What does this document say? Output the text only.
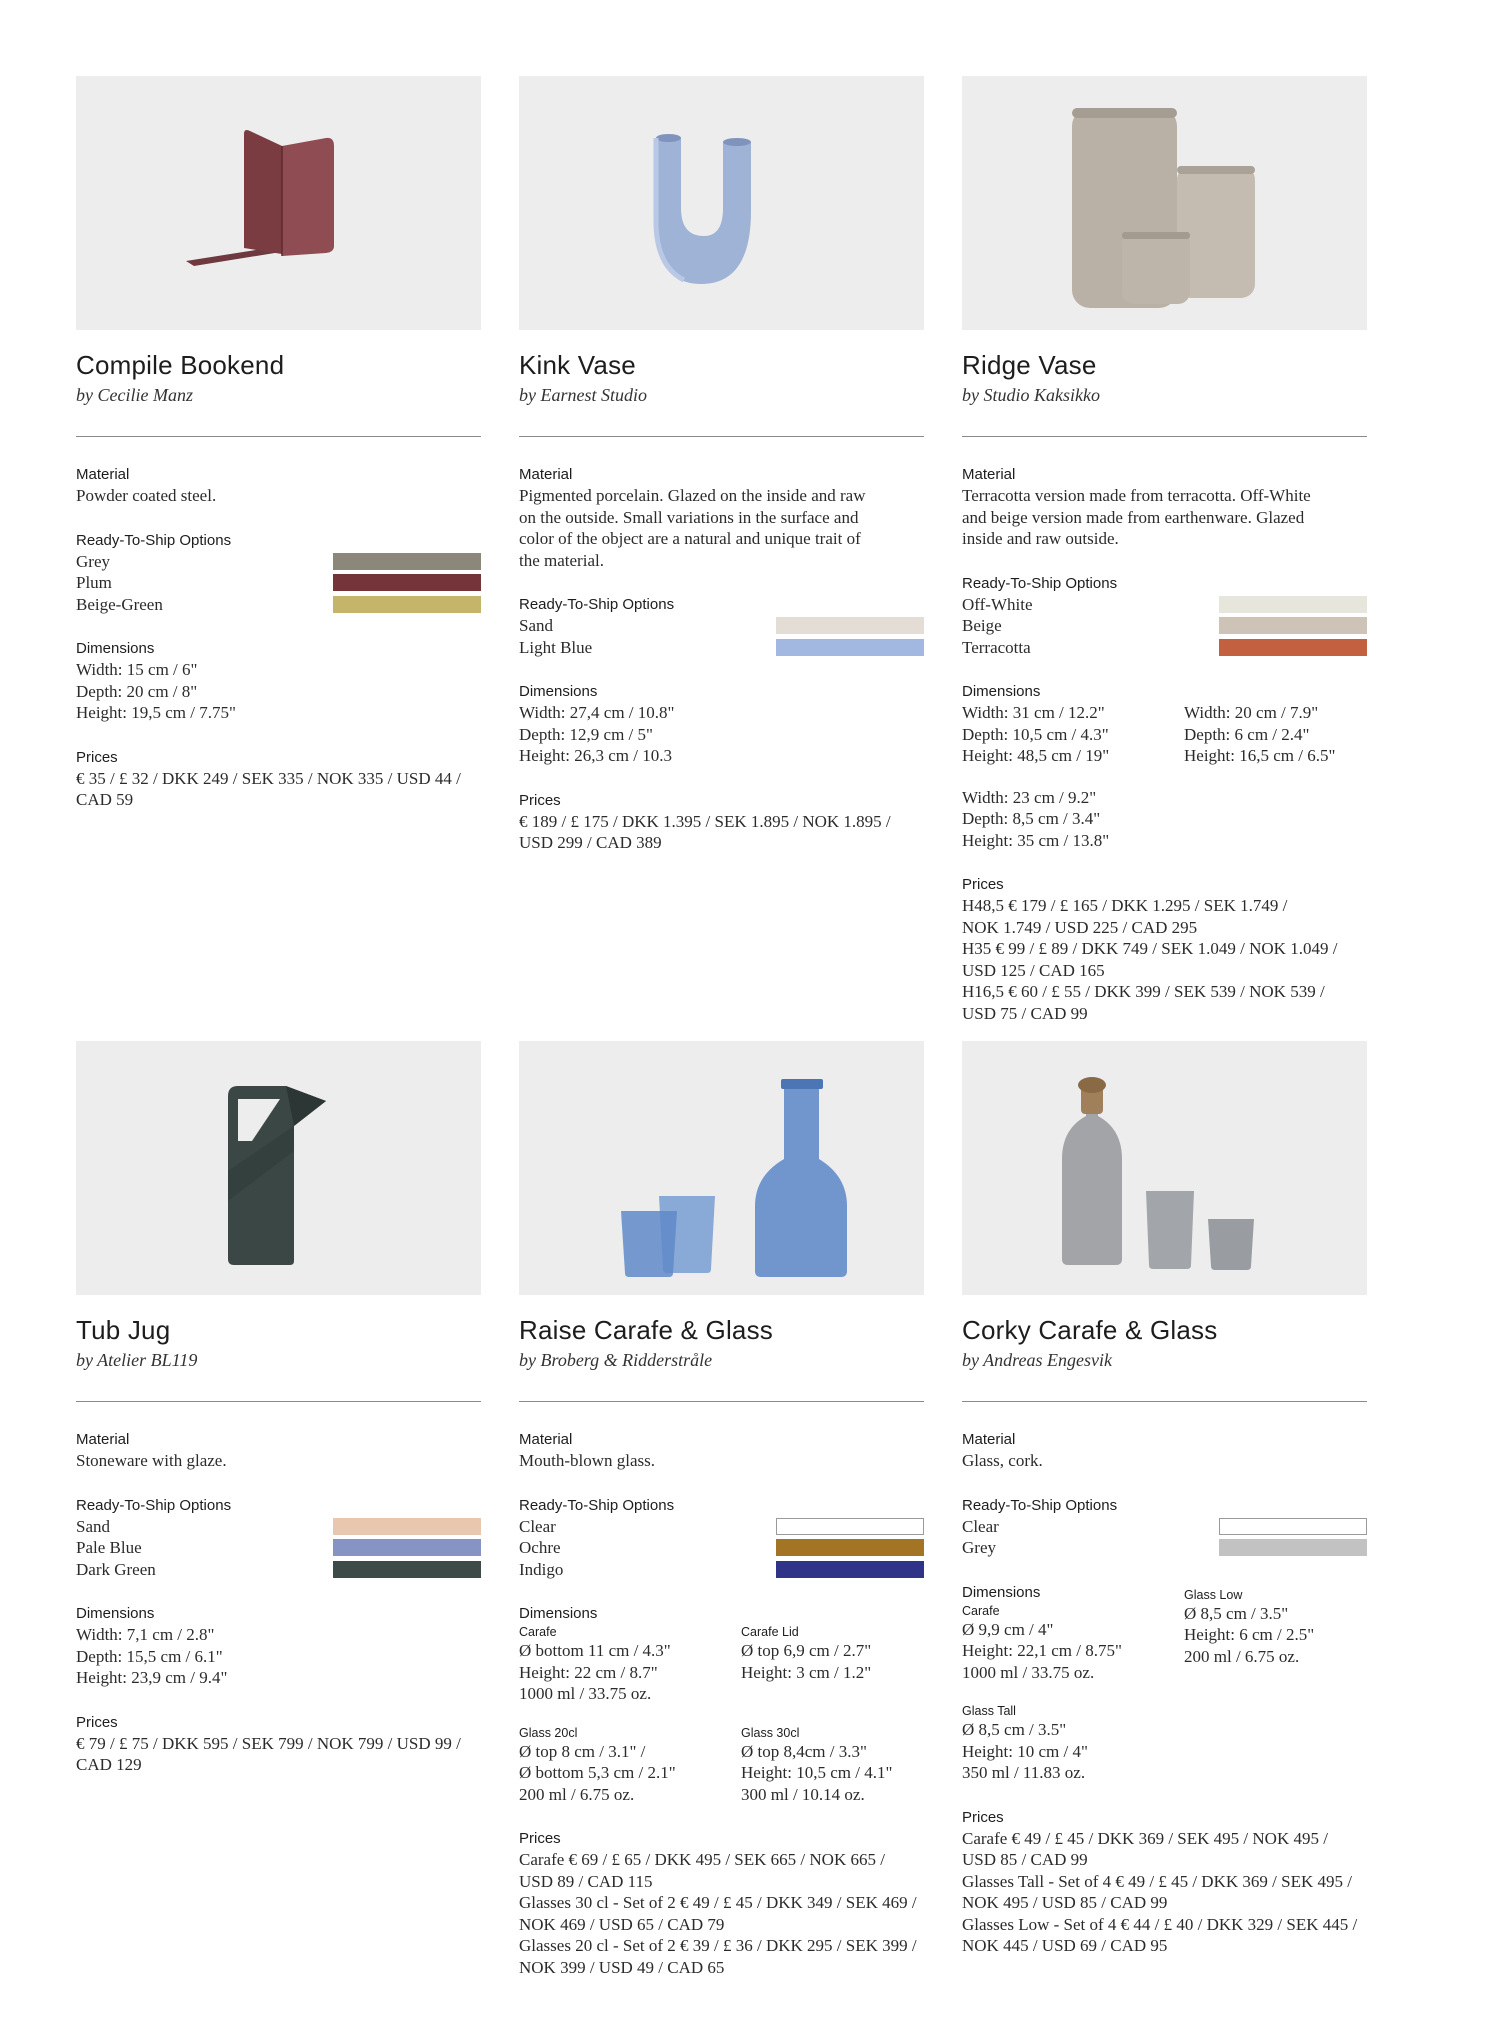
Compile Bookend
by Cecilie Manz
Material
Powder coated steel.
Ready-To-Ship Options
Grey
Plum
Beige-Green
Dimensions
Width: 15 cm / 6"
Depth: 20 cm / 8"
Height: 19,5 cm / 7.75"
Prices
€ 35 / £ 32 / DKK 249 / SEK 335 / NOK 335 / USD 44 /
CAD 59
Kink Vase
by Earnest Studio
Material
Pigmented porcelain. Glazed on the inside and raw
on the outside. Small variations in the surface and
color of the object are a natural and unique trait of
the material.
Ready-To-Ship Options
Sand
Light Blue
Dimensions
Width: 27,4 cm / 10.8"
Depth: 12,9 cm / 5"
Height: 26,3 cm / 10.3
Prices
€ 189 / £ 175 / DKK 1.395 / SEK 1.895 / NOK 1.895 /
USD 299 / CAD 389
Ridge Vase
by Studio Kaksikko
Material
Terracotta version made from terracotta. Off-White
and beige version made from earthenware. Glazed
inside and raw outside.
Ready-To-Ship Options
Off-White
Beige
Terracotta
Dimensions
Width: 31 cm / 12.2"
Depth: 10,5 cm / 4.3"
Height: 48,5 cm / 19"
Width: 20 cm / 7.9"
Depth: 6 cm / 2.4"
Height: 16,5 cm / 6.5"
Width: 23 cm / 9.2"
Depth: 8,5 cm / 3.4"
Height: 35 cm / 13.8"
Prices
H48,5 € 179 / £ 165 / DKK 1.295 / SEK 1.749 /
NOK 1.749 / USD 225 / CAD 295
H35 € 99 / £ 89 / DKK 749 / SEK 1.049 / NOK 1.049 /
USD 125 / CAD 165
H16,5 € 60 / £ 55 / DKK 399 / SEK 539 / NOK 539 /
USD 75 / CAD 99
Tub Jug
by Atelier BL119
Material
Stoneware with glaze.
Ready-To-Ship Options
Sand
Pale Blue
Dark Green
Dimensions
Width: 7,1 cm / 2.8"
Depth: 15,5 cm / 6.1"
Height: 23,9 cm / 9.4"
Prices
€ 79 / £ 75 / DKK 595 / SEK 799 / NOK 799 / USD 99 /
CAD 129
Raise Carafe & Glass
by Broberg & Ridderstråle
Material
Mouth-blown glass.
Ready-To-Ship Options
Clear
Ochre
Indigo
Dimensions
Carafe
Ø bottom 11 cm / 4.3"
Height: 22 cm / 8.7"
1000 ml / 33.75 oz.
Carafe Lid
Ø top 6,9 cm / 2.7"
Height: 3 cm / 1.2"
Glass 20cl
Ø top 8 cm / 3.1" /
Ø bottom 5,3 cm / 2.1"
200 ml / 6.75 oz.
Glass 30cl
Ø top 8,4cm / 3.3"
Height: 10,5 cm / 4.1"
300 ml / 10.14 oz.
Prices
Carafe € 69 / £ 65 / DKK 495 / SEK 665 / NOK 665 /
USD 89 / CAD 115
Glasses 30 cl - Set of 2 € 49 / £ 45 / DKK 349 / SEK 469 /
NOK 469 / USD 65 / CAD 79
Glasses 20 cl - Set of 2 € 39 / £ 36 / DKK 295 / SEK 399 /
NOK 399 / USD 49 / CAD 65
Corky Carafe & Glass
by Andreas Engesvik
Material
Glass, cork.
Ready-To-Ship Options
Clear
Grey
Dimensions
Carafe
Ø 9,9 cm / 4"
Height: 22,1 cm / 8.75"
1000 ml / 33.75 oz.
Glass Low
Ø 8,5 cm / 3.5"
Height: 6 cm / 2.5"
200 ml / 6.75 oz.
Glass Tall
Ø 8,5 cm / 3.5"
Height: 10 cm / 4"
350 ml / 11.83 oz.
Prices
Carafe € 49 / £ 45 / DKK 369 / SEK 495 / NOK 495 /
USD 85 / CAD 99
Glasses Tall - Set of 4 € 49 / £ 45 / DKK 369 / SEK 495 /
NOK 495 / USD 85 / CAD 99
Glasses Low - Set of 4 € 44 / £ 40 / DKK 329 / SEK 445 /
NOK 445 / USD 69 / CAD 95
